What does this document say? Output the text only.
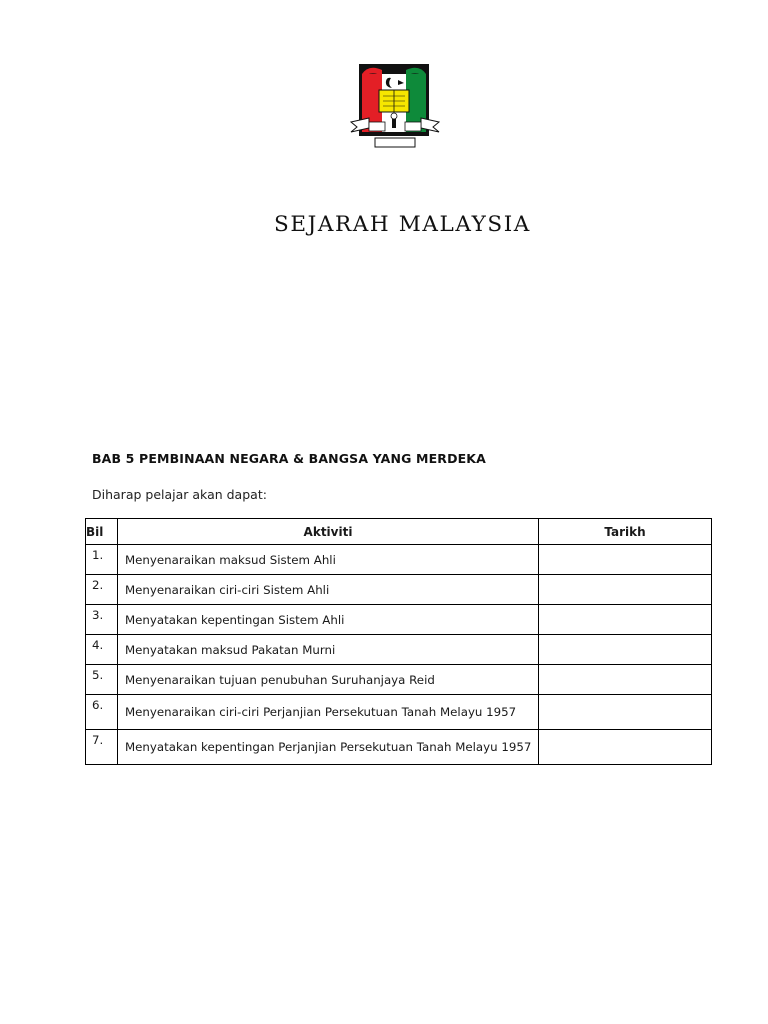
SEJARAH MALAYSIA
BAB 5 PEMBINAAN NEGARA & BANGSA YANG MERDEKA
Diharap pelajar akan dapat:
Bil	Aktiviti	Tarikh
1.	Menyenaraikan maksud Sistem Ahli	
2.	Menyenaraikan ciri-ciri Sistem Ahli	
3.	Menyatakan kepentingan Sistem Ahli	
4.	Menyatakan maksud Pakatan Murni	
5.	Menyenaraikan tujuan penubuhan Suruhanjaya Reid	
6.	Menyenaraikan ciri-ciri Perjanjian Persekutuan Tanah Melayu 1957	
7.	Menyatakan kepentingan Perjanjian Persekutuan Tanah Melayu 1957	
